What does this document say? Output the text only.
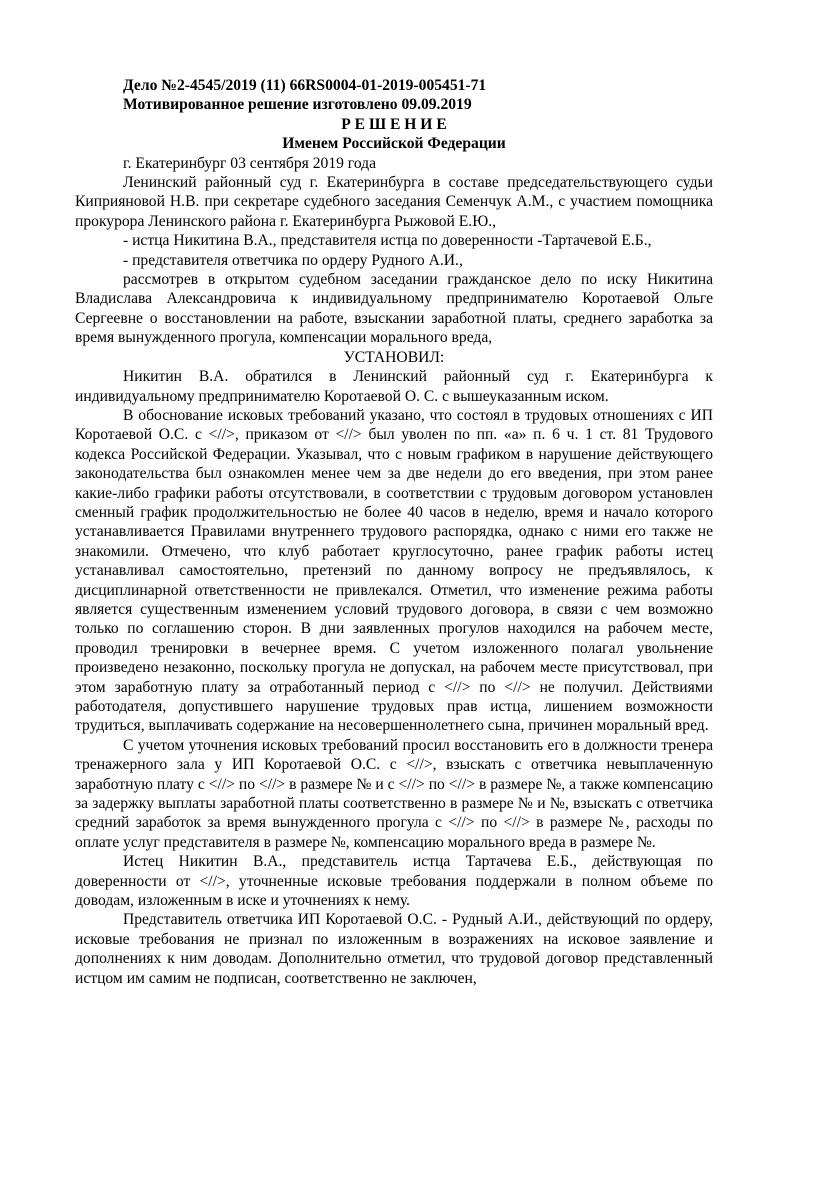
Дело №2-4545/2019 (11) 66RS0004-01-2019-005451-71

Мотивированное решение изготовлено 09.09.2019

Р Е Ш Е Н И Е

Именем Российской Федерации

г. Екатеринбург 03 сентября 2019 года

Ленинский районный суд г. Екатеринбурга в составе председательствующего судьи Киприяновой Н.В. при секретаре судебного заседания Семенчук А.М., с участием помощника прокурора Ленинского района г. Екатеринбурга Рыжовой Е.Ю.,

- истца Никитина В.А., представителя истца по доверенности -Тартачевой Е.Б.,

- представителя ответчика по ордеру Рудного А.И.,

рассмотрев в открытом судебном заседании гражданское дело по иску Никитина Владислава Александровича к индивидуальному предпринимателю Коротаевой Ольге Сергеевне о восстановлении на работе, взыскании заработной платы, среднего заработка за время вынужденного прогула, компенсации морального вреда,

УСТАНОВИЛ:

Никитин В.А. обратился в Ленинский районный суд г. Екатеринбурга к индивидуальному предпринимателю Коротаевой О. С. с вышеуказанным иском.

В обоснование исковых требований указано, что состоял в трудовых отношениях с ИП Коротаевой О.С. с <//>, приказом от <//> был уволен по пп. «а» п. 6 ч. 1 ст. 81 Трудового кодекса Российской Федерации. Указывал, что с новым графиком в нарушение действующего законодательства был ознакомлен менее чем за две недели до его введения, при этом ранее какие-либо графики работы отсутствовали, в соответствии с трудовым договором установлен сменный график продолжительностью не более 40 часов в неделю, время и начало которого устанавливается Правилами внутреннего трудового распорядка, однако с ними его также не знакомили. Отмечено, что клуб работает круглосуточно, ранее график работы истец устанавливал самостоятельно, претензий по данному вопросу не предъявлялось, к дисциплинарной ответственности не привлекался. Отметил, что изменение режима работы является существенным изменением условий трудового договора, в связи с чем возможно только по соглашению сторон. В дни заявленных прогулов находился на рабочем месте, проводил тренировки в вечернее время. С учетом изложенного полагал увольнение произведено незаконно, поскольку прогула не допускал, на рабочем месте присутствовал, при этом заработную плату за отработанный период с <//> по <//> не получил. Действиями работодателя, допустившего нарушение трудовых прав истца, лишением возможности трудиться, выплачивать содержание на несовершеннолетнего сына, причинен моральный вред.

С учетом уточнения исковых требований просил восстановить его в должности тренера тренажерного зала у ИП Коротаевой О.С. с <//>, взыскать с ответчика невыплаченную заработную плату с <//> по <//> в размере № и с <//> по <//> в размере №, а также компенсацию за задержку выплаты заработной платы соответственно в размере № и №, взыскать с ответчика средний заработок за время вынужденного прогула с <//> по <//> в размере №, расходы по оплате услуг представителя в размере №, компенсацию морального вреда в размере №.

Истец Никитин В.А., представитель истца Тартачева Е.Б., действующая по доверенности от <//>, уточненные исковые требования поддержали в полном объеме по доводам, изложенным в иске и уточнениях к нему.

Представитель ответчика ИП Коротаевой О.С. - Рудный А.И., действующий по ордеру, исковые требования не признал по изложенным в возражениях на исковое заявление и дополнениях к ним доводам. Дополнительно отметил, что трудовой договор представленный истцом им самим не подписан, соответственно не заключен,
